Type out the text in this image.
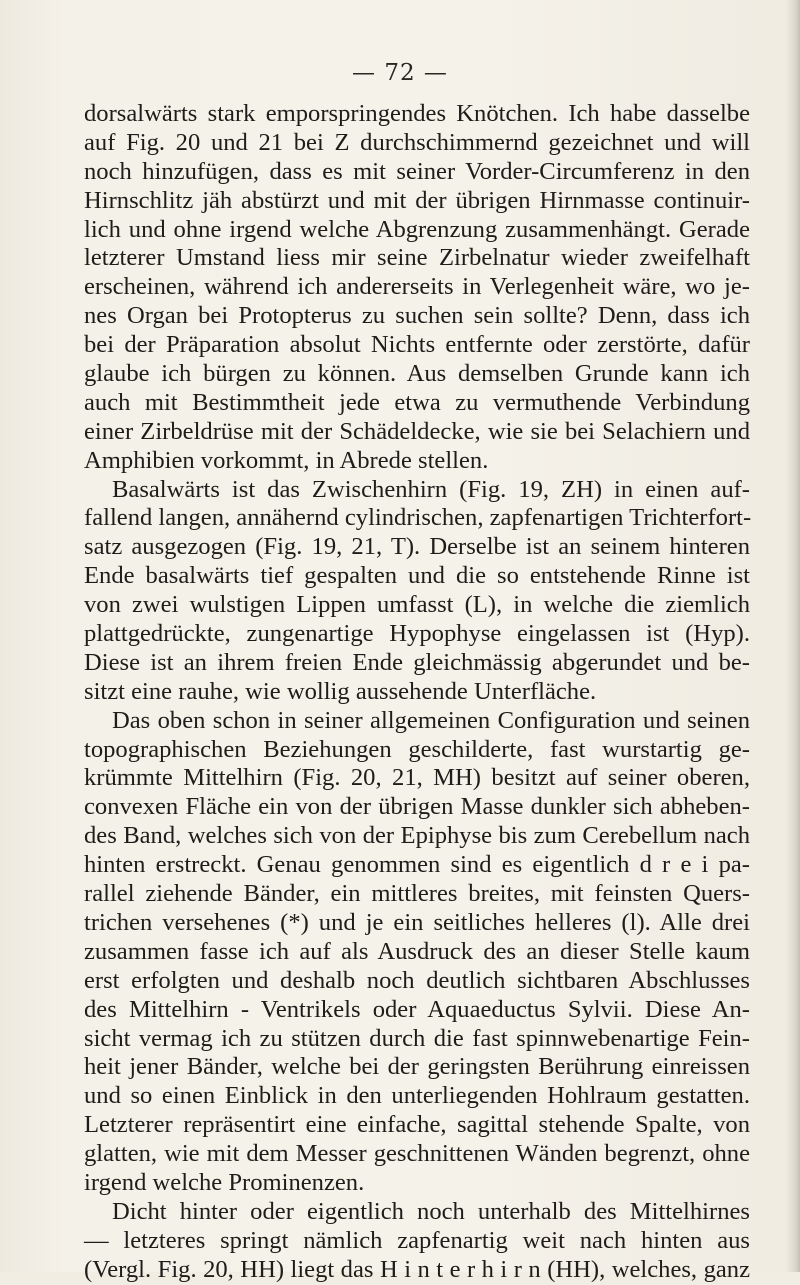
— 72 —
dorsalwärts stark emporspringendes Knötchen. Ich habe dasselbe
auf Fig. 20 und 21 bei Z durchschimmernd gezeichnet und will
noch hinzufügen, dass es mit seiner Vorder-Circumferenz in den
Hirnschlitz jäh abstürzt und mit der übrigen Hirnmasse continuir-
lich und ohne irgend welche Abgrenzung zusammenhängt. Gerade
letzterer Umstand liess mir seine Zirbelnatur wieder zweifelhaft
erscheinen, während ich andererseits in Verlegenheit wäre, wo je-
nes Organ bei Protopterus zu suchen sein sollte? Denn, dass ich
bei der Präparation absolut Nichts entfernte oder zerstörte, dafür
glaube ich bürgen zu können. Aus demselben Grunde kann ich
auch mit Bestimmtheit jede etwa zu vermuthende Verbindung
einer Zirbeldrüse mit der Schädeldecke, wie sie bei Selachiern und
Amphibien vorkommt, in Abrede stellen.
Basalwärts ist das Zwischenhirn (Fig. 19, ZH) in einen auf-
fallend langen, annähernd cylindrischen, zapfenartigen Trichterfort-
satz ausgezogen (Fig. 19, 21, T). Derselbe ist an seinem hinteren
Ende basalwärts tief gespalten und die so entstehende Rinne ist
von zwei wulstigen Lippen umfasst (L), in welche die ziemlich
plattgedrückte, zungenartige Hypophyse eingelassen ist (Hyp).
Diese ist an ihrem freien Ende gleichmässig abgerundet und be-
sitzt eine rauhe, wie wollig aussehende Unterfläche.
Das oben schon in seiner allgemeinen Configuration und seinen
topographischen Beziehungen geschilderte, fast wurstartig ge-
krümmte Mittelhirn (Fig. 20, 21, MH) besitzt auf seiner oberen,
convexen Fläche ein von der übrigen Masse dunkler sich abheben-
des Band, welches sich von der Epiphyse bis zum Cerebellum nach
hinten erstreckt. Genau genommen sind es eigentlich d r e i pa-
rallel ziehende Bänder, ein mittleres breites, mit feinsten Quers-
trichen versehenes (*) und je ein seitliches helleres (l). Alle drei
zusammen fasse ich auf als Ausdruck des an dieser Stelle kaum
erst erfolgten und deshalb noch deutlich sichtbaren Abschlusses
des Mittelhirn - Ventrikels oder Aquaeductus Sylvii. Diese An-
sicht vermag ich zu stützen durch die fast spinnwebenartige Fein-
heit jener Bänder, welche bei der geringsten Berührung einreissen
und so einen Einblick in den unterliegenden Hohlraum gestatten.
Letzterer repräsentirt eine einfache, sagittal stehende Spalte, von
glatten, wie mit dem Messer geschnittenen Wänden begrenzt, ohne
irgend welche Prominenzen.
Dicht hinter oder eigentlich noch unterhalb des Mittelhirnes
— letzteres springt nämlich zapfenartig weit nach hinten aus
(Vergl. Fig. 20, HH) liegt das H i n t e r h i r n (HH), welches, ganz
